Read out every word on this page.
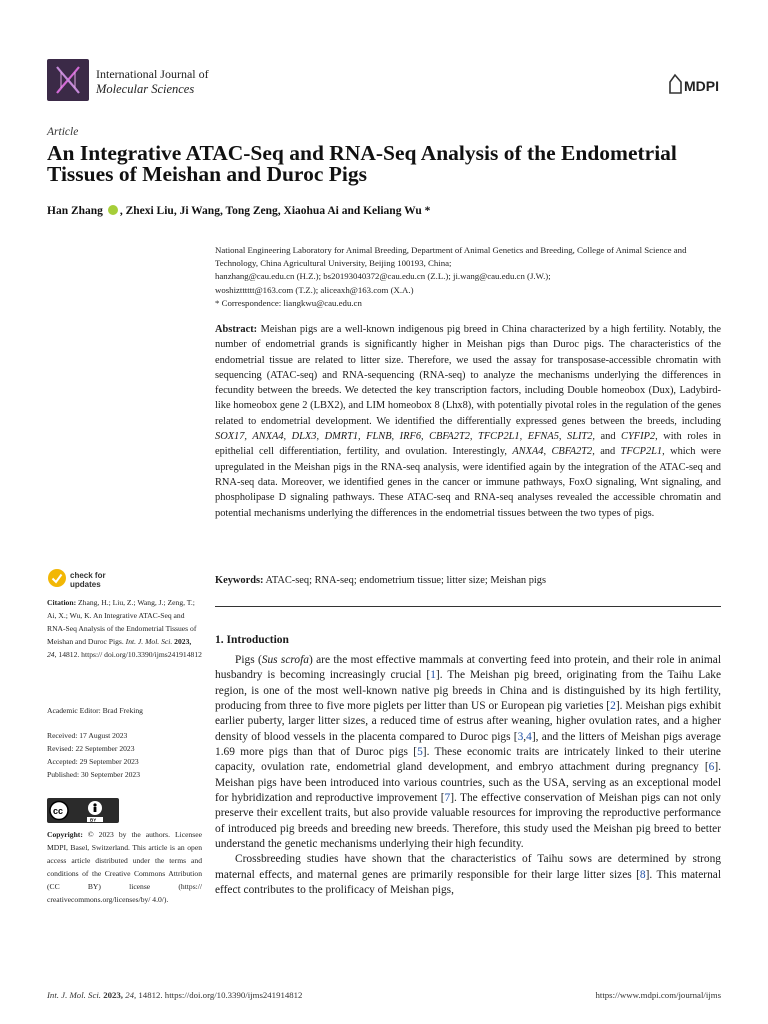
International Journal of
Molecular Sciences	MDPI
Article
An Integrative ATAC-Seq and RNA-Seq Analysis of the Endometrial Tissues of Meishan and Duroc Pigs
Han Zhang , Zhexi Liu, Ji Wang, Tong Zeng, Xiaohua Ai and Keliang Wu *
National Engineering Laboratory for Animal Breeding, Department of Animal Genetics and Breeding, College of Animal Science and Technology, China Agricultural University, Beijing 100193, China;
hanzhang@cau.edu.cn (H.Z.); bs20193040372@cau.edu.cn (Z.L.); ji.wang@cau.edu.cn (J.W.);
woshiztttttt@163.com (T.Z.); aliceaxh@163.com (X.A.)
* Correspondence: liangkwu@cau.edu.cn
Abstract: Meishan pigs are a well-known indigenous pig breed in China characterized by a high fertility. Notably, the number of endometrial grands is significantly higher in Meishan pigs than Duroc pigs. The characteristics of the endometrial tissue are related to litter size. Therefore, we used the assay for transposase-accessible chromatin with sequencing (ATAC-seq) and RNA-sequencing (RNA-seq) to analyze the mechanisms underlying the differences in fecundity between the breeds. We detected the key transcription factors, including Double homeobox (Dux), Ladybird-like homeobox gene 2 (LBX2), and LIM homeobox 8 (Lhx8), with potentially pivotal roles in the regulation of the genes related to endometrial development. We identified the differentially expressed genes between the breeds, including SOX17, ANXA4, DLX3, DMRT1, FLNB, IRF6, CBFA2T2, TFCP2L1, EFNA5, SLIT2, and CYFIP2, with roles in epithelial cell differentiation, fertility, and ovulation. Interestingly, ANXA4, CBFA2T2, and TFCP2L1, which were upregulated in the Meishan pigs in the RNA-seq analysis, were identified again by the integration of the ATAC-seq and RNA-seq data. Moreover, we identified genes in the cancer or immune pathways, FoxO signaling, Wnt signaling, and phospholipase D signaling pathways. These ATAC-seq and RNA-seq analyses revealed the accessible chromatin and potential mechanisms underlying the differences in the endometrial tissues between the two types of pigs.
Keywords: ATAC-seq; RNA-seq; endometrium tissue; litter size; Meishan pigs
check for
updates
Citation: Zhang, H.; Liu, Z.; Wang, J.; Zeng, T.; Ai, X.; Wu, K. An Integrative ATAC-Seq and RNA-Seq Analysis of the Endometrial Tissues of Meishan and Duroc Pigs. Int. J. Mol. Sci. 2023, 24, 14812. https:// doi.org/10.3390/ijms241914812
Academic Editor: Brad Freking
Received: 17 August 2023
Revised: 22 September 2023
Accepted: 29 September 2023
Published: 30 September 2023
cc
BY
Copyright: © 2023 by the authors. Licensee MDPI, Basel, Switzerland. This article is an open access article distributed under the terms and conditions of the Creative Commons Attribution (CC BY) license (https:// creativecommons.org/licenses/by/ 4.0/).
1. Introduction

Pigs (Sus scrofa) are the most effective mammals at converting feed into protein, and their role in animal husbandry is becoming increasingly crucial [1]. The Meishan pig breed, originating from the Taihu Lake region, is one of the most well-known native pig breeds in China and is distinguished by its high fertility, producing from three to five more piglets per litter than US or European pig varieties [2]. Meishan pigs exhibit earlier puberty, larger litter sizes, a reduced time of estrus after weaning, higher ovulation rates, and a higher density of blood vessels in the placenta compared to Duroc pigs [3,4], and the litters of Meishan pigs average 1.69 more pigs than that of Duroc pigs [5]. These economic traits are intricately linked to their uterine capacity, ovulation rate, endometrial gland development, and embryo attachment during pregnancy [6]. Meishan pigs have been introduced into various countries, such as the USA, serving as an exceptional model for hybridization and reproductive improvement [7]. The effective conservation of Meishan pigs can not only preserve their excellent traits, but also provide valuable resources for improving the reproductive performance of introduced pig breeds and breeding new breeds. Therefore, this study used the Meishan pig breed to better understand the genetic mechanisms underlying their high fecundity.

Crossbreeding studies have shown that the characteristics of Taihu sows are determined by strong maternal effects, and maternal genes are primarily responsible for their large litter sizes [8]. This maternal effect contributes to the prolificacy of Meishan pigs,

Int. J. Mol. Sci. 2023, 24, 14812. https://doi.org/10.3390/ijms241914812	https://www.mdpi.com/journal/ijms
